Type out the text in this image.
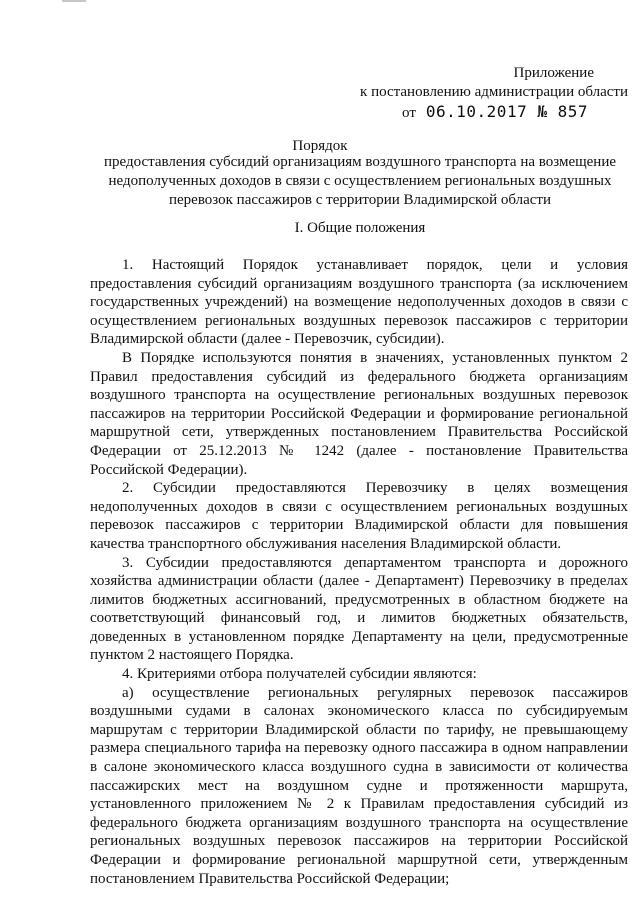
Приложение
к постановлению администрации области
от 06.10.2017 № 857
Порядок

предоставления субсидий организациям воздушного транспорта на возмещение недополученных доходов в связи с осуществлением региональных воздушных перевозок пассажиров с территории Владимирской области

I. Общие положения

1. Настоящий Порядок устанавливает порядок, цели и условия предоставления субсидий организациям воздушного транспорта (за исключением государственных учреждений) на возмещение недополученных доходов в связи с осуществлением региональных воздушных перевозок пассажиров с территории Владимирской области (далее - Перевозчик, субсидии).

В Порядке используются понятия в значениях, установленных пунктом 2 Правил предоставления субсидий из федерального бюджета организациям воздушного транспорта на осуществление региональных воздушных перевозок пассажиров на территории Российской Федерации и формирование региональной маршрутной сети, утвержденных постановлением Правительства Российской Федерации от 25.12.2013 № 1242 (далее - постановление Правительства Российской Федерации).

2. Субсидии предоставляются Перевозчику в целях возмещения недополученных доходов в связи с осуществлением региональных воздушных перевозок пассажиров с территории Владимирской области для повышения качества транспортного обслуживания населения Владимирской области.

3. Субсидии предоставляются департаментом транспорта и дорожного хозяйства администрации области (далее - Департамент) Перевозчику в пределах лимитов бюджетных ассигнований, предусмотренных в областном бюджете на соответствующий финансовый год, и лимитов бюджетных обязательств, доведенных в установленном порядке Департаменту на цели, предусмотренные пунктом 2 настоящего Порядка.

4. Критериями отбора получателей субсидии являются:

а) осуществление региональных регулярных перевозок пассажиров воздушными судами в салонах экономического класса по субсидируемым маршрутам с территории Владимирской области по тарифу, не превышающему размера специального тарифа на перевозку одного пассажира в одном направлении в салоне экономического класса воздушного судна в зависимости от количества пассажирских мест на воздушном судне и протяженности маршрута, установленного приложением № 2 к Правилам предоставления субсидий из федерального бюджета организациям воздушного транспорта на осуществление региональных воздушных перевозок пассажиров на территории Российской Федерации и формирование региональной маршрутной сети, утвержденным постановлением Правительства Российской Федерации;
